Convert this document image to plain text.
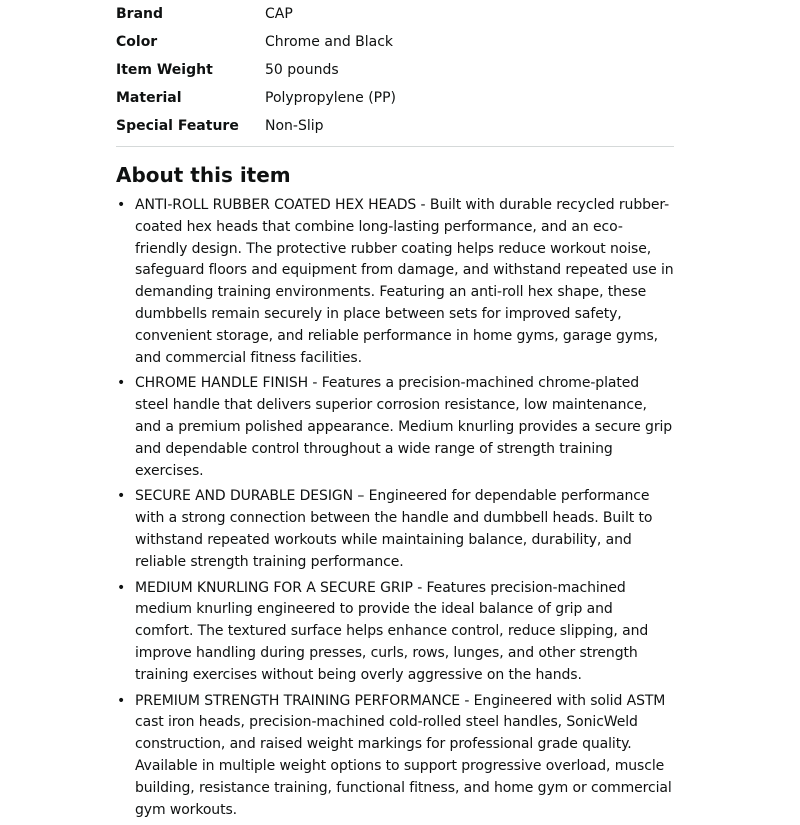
Brand	CAP
Color	Chrome and Black
Item Weight	50 pounds
Material	Polypropylene (PP)
Special Feature	Non-Slip
About this item
• ANTI-ROLL RUBBER COATED HEX HEADS - Built with durable recycled rubber-coated hex heads that combine long-lasting performance, and an eco-friendly design. The protective rubber coating helps reduce workout noise, safeguard floors and equipment from damage, and withstand repeated use in demanding training environments. Featuring an anti-roll hex shape, these dumbbells remain securely in place between sets for improved safety, convenient storage, and reliable performance in home gyms, garage gyms, and commercial fitness facilities.
• CHROME HANDLE FINISH - Features a precision-machined chrome-plated steel handle that delivers superior corrosion resistance, low maintenance, and a premium polished appearance. Medium knurling provides a secure grip and dependable control throughout a wide range of strength training exercises.
• SECURE AND DURABLE DESIGN – Engineered for dependable performance with a strong connection between the handle and dumbbell heads. Built to withstand repeated workouts while maintaining balance, durability, and reliable strength training performance.
• MEDIUM KNURLING FOR A SECURE GRIP - Features precision-machined medium knurling engineered to provide the ideal balance of grip and comfort. The textured surface helps enhance control, reduce slipping, and improve handling during presses, curls, rows, lunges, and other strength training exercises without being overly aggressive on the hands.
• PREMIUM STRENGTH TRAINING PERFORMANCE - Engineered with solid ASTM cast iron heads, precision-machined cold-rolled steel handles, SonicWeld construction, and raised weight markings for professional grade quality. Available in multiple weight options to support progressive overload, muscle building, resistance training, functional fitness, and home gym or commercial gym workouts.
